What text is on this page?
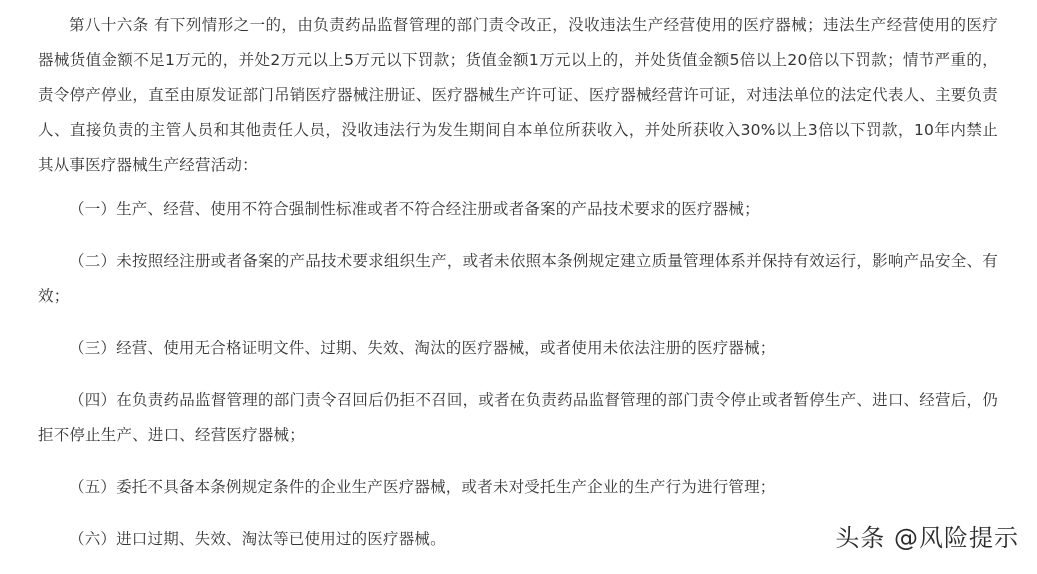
第八十六条 有下列情形之一的，由负责药品监督管理的部门责令改正，没收违法生产经营使用的医疗器械；违法生产经营使用的医疗器械货值金额不足1万元的，并处2万元以上5万元以下罚款；货值金额1万元以上的，并处货值金额5倍以上20倍以下罚款；情节严重的，责令停产停业，直至由原发证部门吊销医疗器械注册证、医疗器械生产许可证、医疗器械经营许可证，对违法单位的法定代表人、主要负责人、直接负责的主管人员和其他责任人员，没收违法行为发生期间自本单位所获收入，并处所获收入30%以上3倍以下罚款，10年内禁止其从事医疗器械生产经营活动：

（一）生产、经营、使用不符合强制性标准或者不符合经注册或者备案的产品技术要求的医疗器械；

（二）未按照经注册或者备案的产品技术要求组织生产，或者未依照本条例规定建立质量管理体系并保持有效运行，影响产品安全、有效；

（三）经营、使用无合格证明文件、过期、失效、淘汰的医疗器械，或者使用未依法注册的医疗器械；

（四）在负责药品监督管理的部门责令召回后仍拒不召回，或者在负责药品监督管理的部门责令停止或者暂停生产、进口、经营后，仍拒不停止生产、进口、经营医疗器械；

（五）委托不具备本条例规定条件的企业生产医疗器械，或者未对受托生产企业的生产行为进行管理；

（六）进口过期、失效、淘汰等已使用过的医疗器械。	头条 @风险提示
